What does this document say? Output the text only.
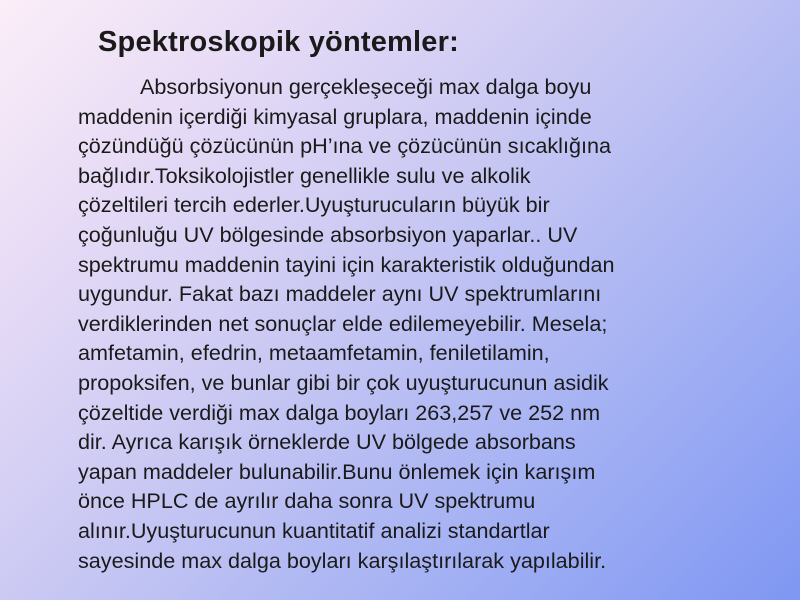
Spektroskopik yöntemler:
Absorbsiyonun gerçekleşeceği max dalga boyu
maddenin içerdiği kimyasal gruplara, maddenin içinde
çözündüğü çözücünün pH’ına ve çözücünün sıcaklığına
bağlıdır.Toksikolojistler genellikle sulu ve alkolik
çözeltileri tercih ederler.Uyuşturucuların büyük bir
çoğunluğu UV bölgesinde absorbsiyon yaparlar.. UV
spektrumu maddenin tayini için karakteristik olduğundan
uygundur. Fakat bazı maddeler aynı UV spektrumlarını
verdiklerinden net sonuçlar elde edilemeyebilir. Mesela;
amfetamin, efedrin, metaamfetamin, feniletilamin,
propoksifen, ve bunlar gibi bir çok uyuşturucunun asidik
çözeltide verdiği max dalga boyları 263,257 ve 252 nm
dir. Ayrıca karışık örneklerde UV bölgede absorbans
yapan maddeler bulunabilir.Bunu önlemek için karışım
önce HPLC de ayrılır daha sonra UV spektrumu
alınır.Uyuşturucunun kuantitatif analizi standartlar
sayesinde max dalga boyları karşılaştırılarak yapılabilir.
